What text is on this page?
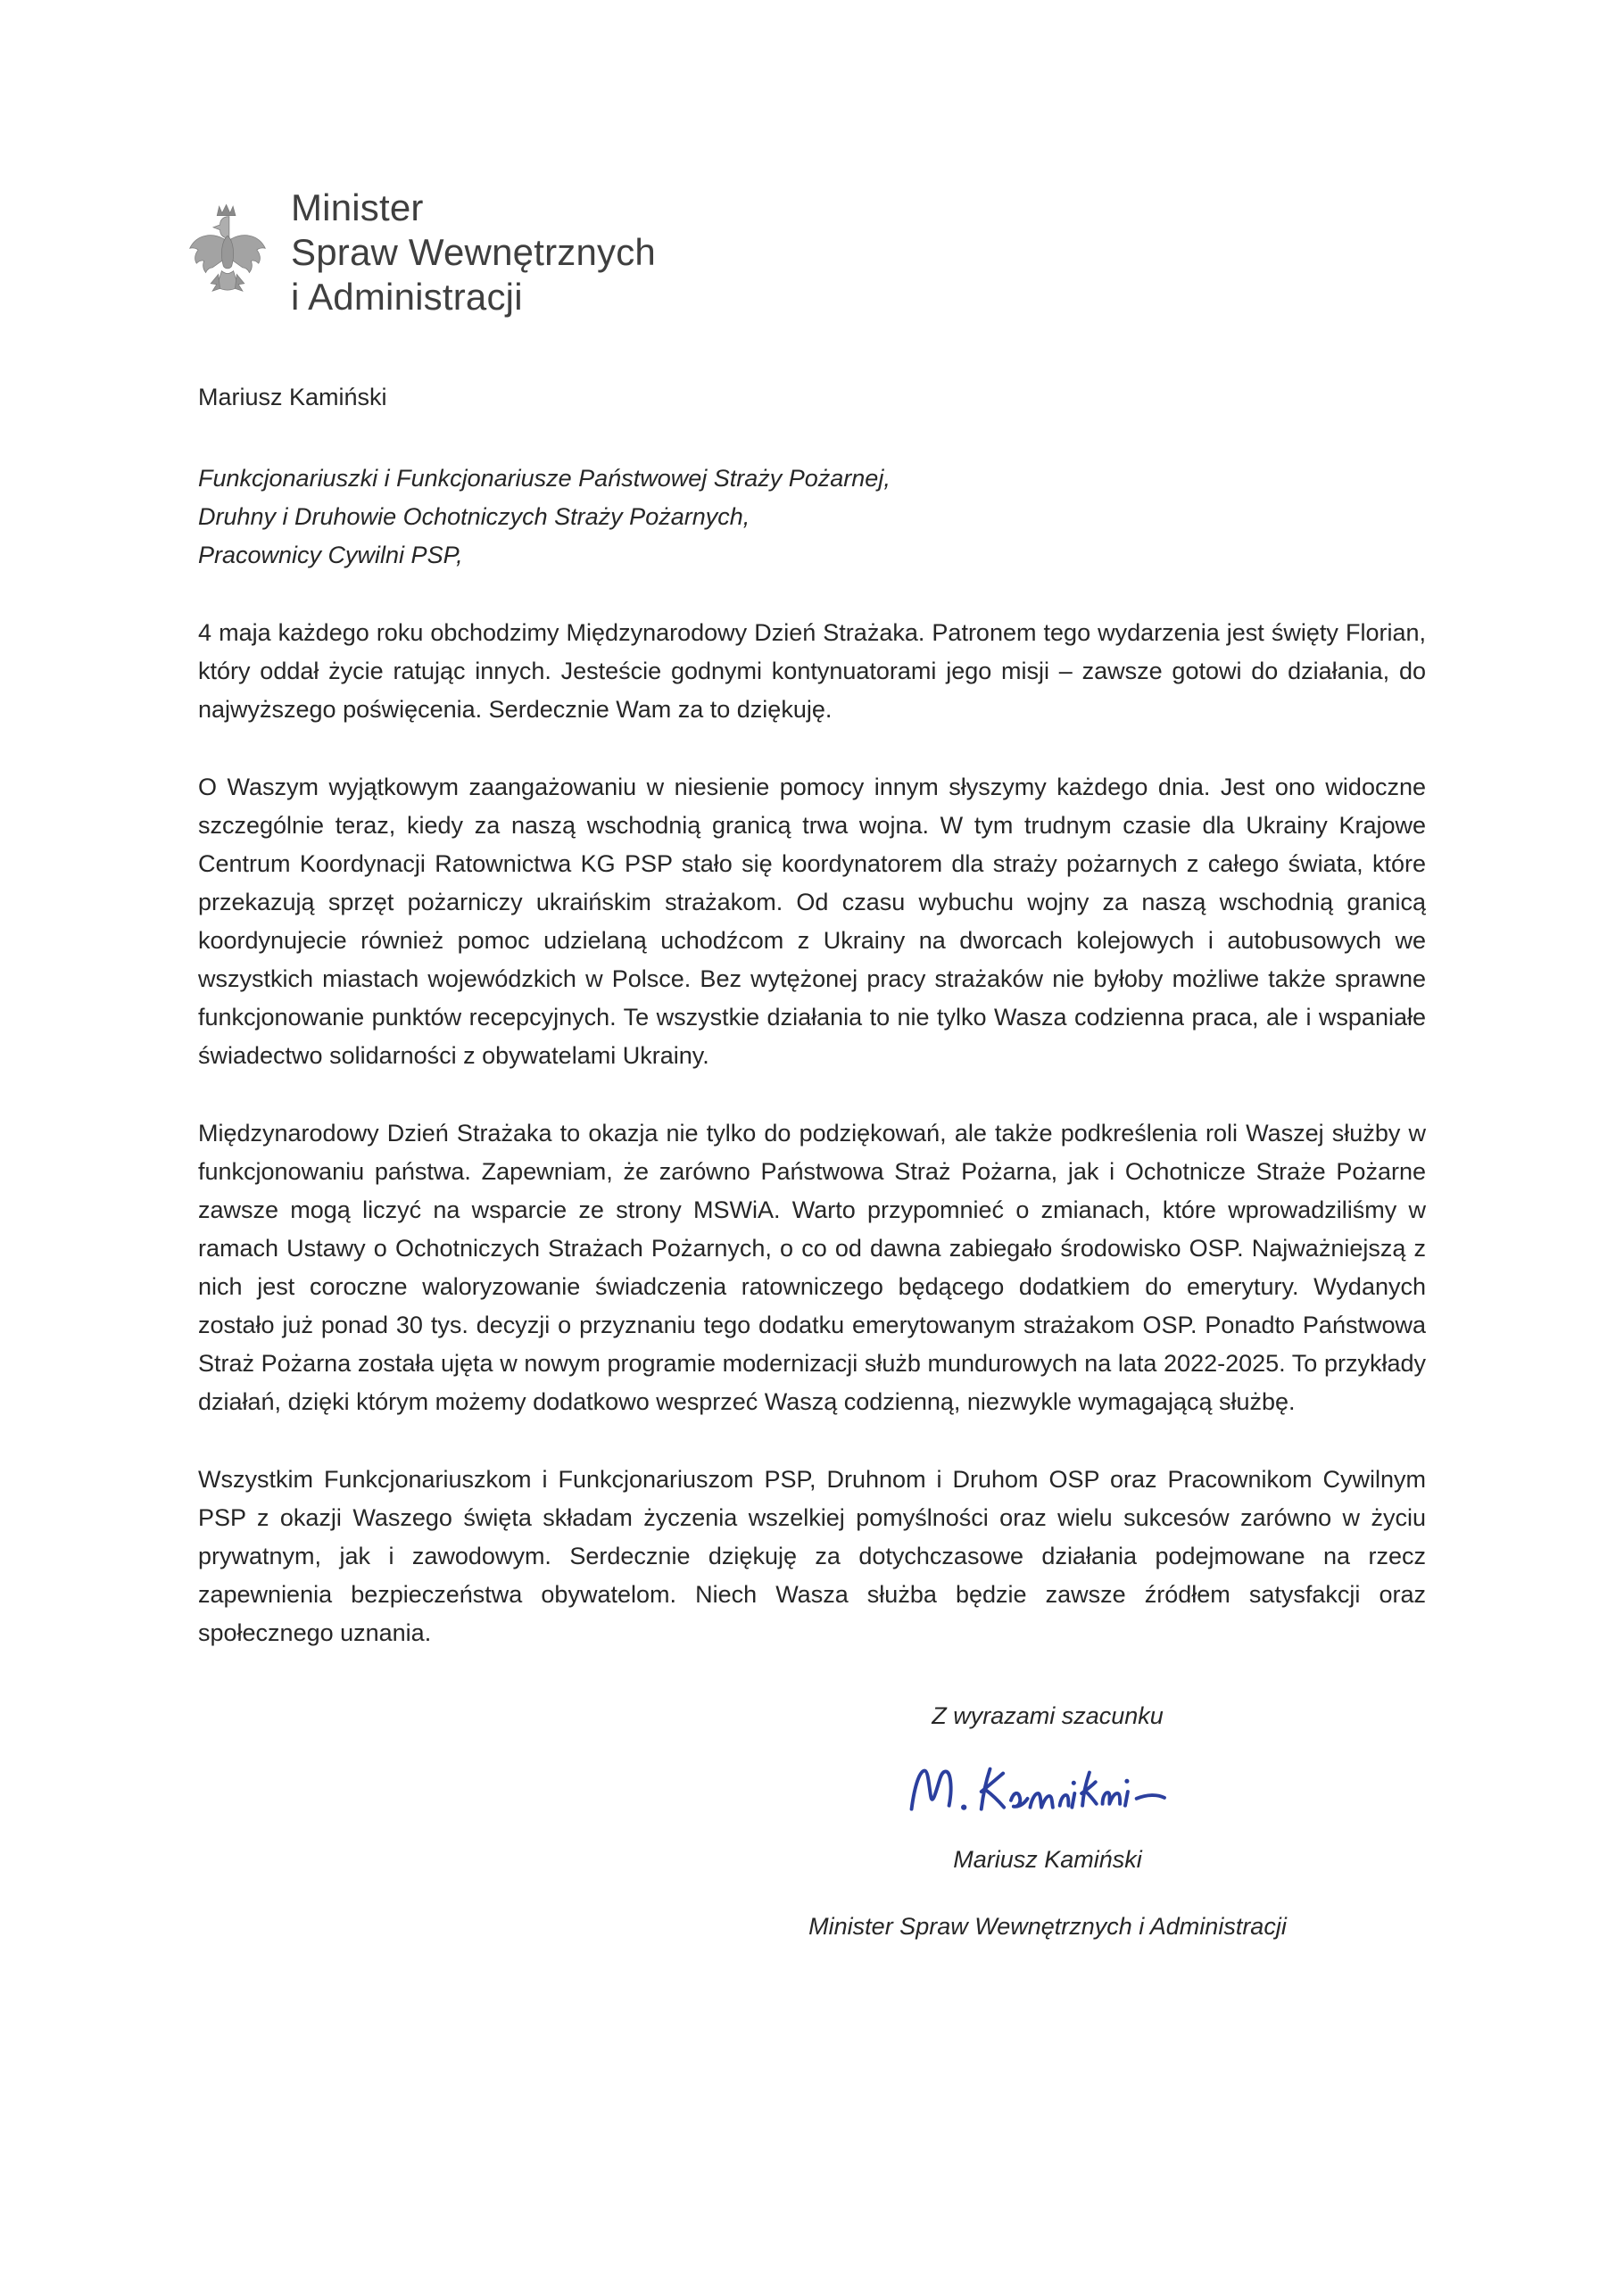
Minister
Spraw Wewnętrznych
i Administracji

Mariusz Kamiński

Funkcjonariuszki i Funkcjonariusze Państwowej Straży Pożarnej,
Druhny i Druhowie Ochotniczych Straży Pożarnych,
Pracownicy Cywilni PSP,

4 maja każdego roku obchodzimy Międzynarodowy Dzień Strażaka. Patronem tego wydarzenia jest święty Florian, który oddał życie ratując innych. Jesteście godnymi kontynuatorami jego misji – zawsze gotowi do działania, do najwyższego poświęcenia. Serdecznie Wam za to dziękuję.

O Waszym wyjątkowym zaangażowaniu w niesienie pomocy innym słyszymy każdego dnia. Jest ono widoczne szczególnie teraz, kiedy za naszą wschodnią granicą trwa wojna. W tym trudnym czasie dla Ukrainy Krajowe Centrum Koordynacji Ratownictwa KG PSP stało się koordynatorem dla straży pożarnych z całego świata, które przekazują sprzęt pożarniczy ukraińskim strażakom. Od czasu wybuchu wojny za naszą wschodnią granicą koordynujecie również pomoc udzielaną uchodźcom z Ukrainy na dworcach kolejowych i autobusowych we wszystkich miastach wojewódzkich w Polsce. Bez wytężonej pracy strażaków nie byłoby możliwe także sprawne funkcjonowanie punktów recepcyjnych. Te wszystkie działania to nie tylko Wasza codzienna praca, ale i wspaniałe świadectwo solidarności z obywatelami Ukrainy.

Międzynarodowy Dzień Strażaka to okazja nie tylko do podziękowań, ale także podkreślenia roli Waszej służby w funkcjonowaniu państwa. Zapewniam, że zarówno Państwowa Straż Pożarna, jak i Ochotnicze Straże Pożarne zawsze mogą liczyć na wsparcie ze strony MSWiA. Warto przypomnieć o zmianach, które wprowadziliśmy w ramach Ustawy o Ochotniczych Strażach Pożarnych, o co od dawna zabiegało środowisko OSP. Najważniejszą z nich jest coroczne waloryzowanie świadczenia ratowniczego będącego dodatkiem do emerytury. Wydanych zostało już ponad 30 tys. decyzji o przyznaniu tego dodatku emerytowanym strażakom OSP. Ponadto Państwowa Straż Pożarna została ujęta w nowym programie modernizacji służb mundurowych na lata 2022-2025. To przykłady działań, dzięki którym możemy dodatkowo wesprzeć Waszą codzienną, niezwykle wymagającą służbę.

Wszystkim Funkcjonariuszkom i Funkcjonariuszom PSP, Druhnom i Druhom OSP oraz Pracownikom Cywilnym PSP z okazji Waszego święta składam życzenia wszelkiej pomyślności oraz wielu sukcesów zarówno w życiu prywatnym, jak i zawodowym. Serdecznie dziękuję za dotychczasowe działania podejmowane na rzecz zapewnienia bezpieczeństwa obywatelom. Niech Wasza służba będzie zawsze źródłem satysfakcji oraz społecznego uznania.

Z wyrazami szacunku

Mariusz Kamiński

Minister Spraw Wewnętrznych i Administracji
